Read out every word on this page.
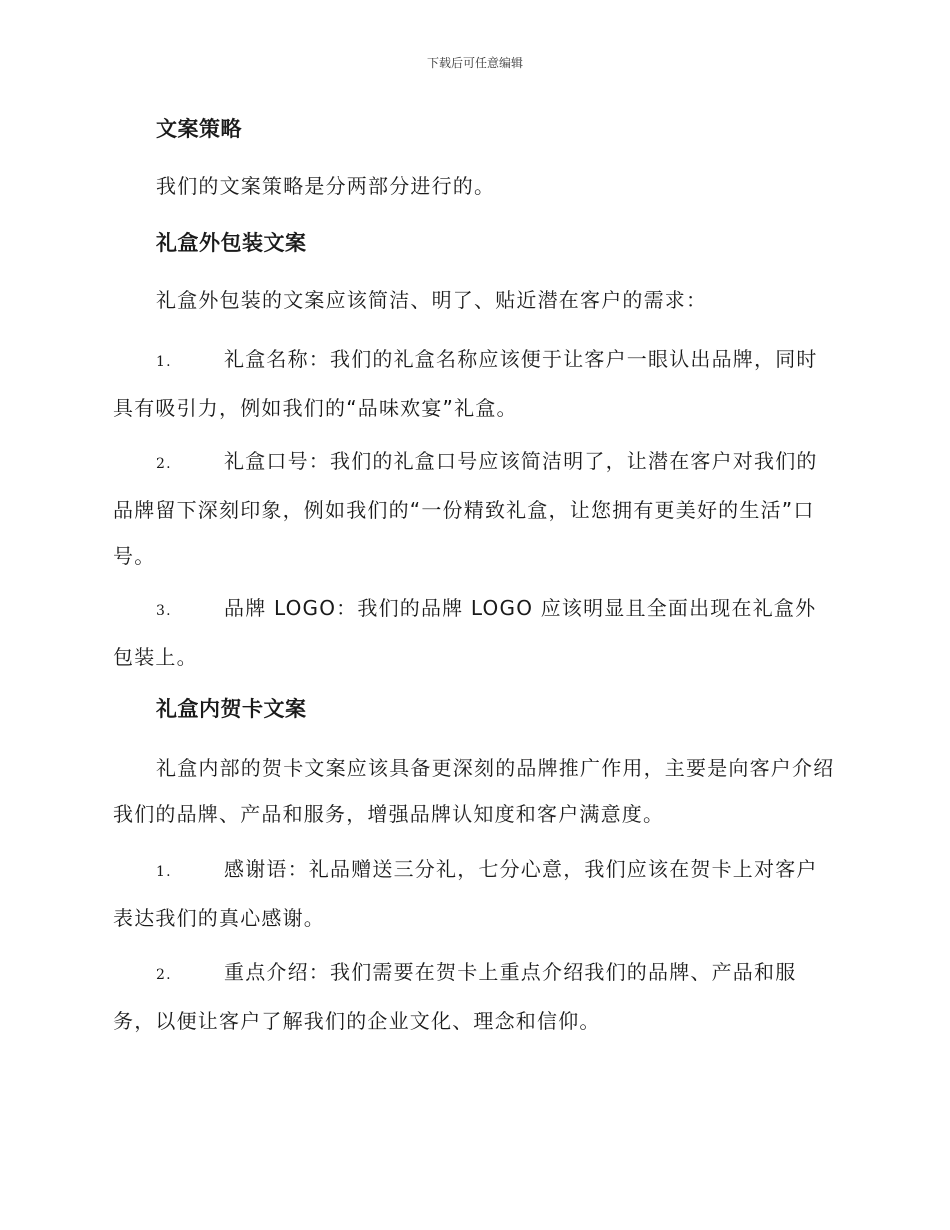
下载后可任意编辑
文案策略
我们的文案策略是分两部分进行的。
礼盒外包装文案
礼盒外包装的文案应该简洁、明了、贴近潜在客户的需求：
1.	礼盒名称：我们的礼盒名称应该便于让客户一眼认出品牌，同时具有吸引力，例如我们的“品味欢宴”礼盒。
2.	礼盒口号：我们的礼盒口号应该简洁明了，让潜在客户对我们的品牌留下深刻印象，例如我们的“一份精致礼盒，让您拥有更美好的生活”口号。
3.	品牌 LOGO：我们的品牌 LOGO 应该明显且全面出现在礼盒外包装上。
礼盒内贺卡文案
礼盒内部的贺卡文案应该具备更深刻的品牌推广作用，主要是向客户介绍我们的品牌、产品和服务，增强品牌认知度和客户满意度。
1.	感谢语：礼品赠送三分礼，七分心意，我们应该在贺卡上对客户表达我们的真心感谢。
2.	重点介绍：我们需要在贺卡上重点介绍我们的品牌、产品和服务，以便让客户了解我们的企业文化、理念和信仰。
